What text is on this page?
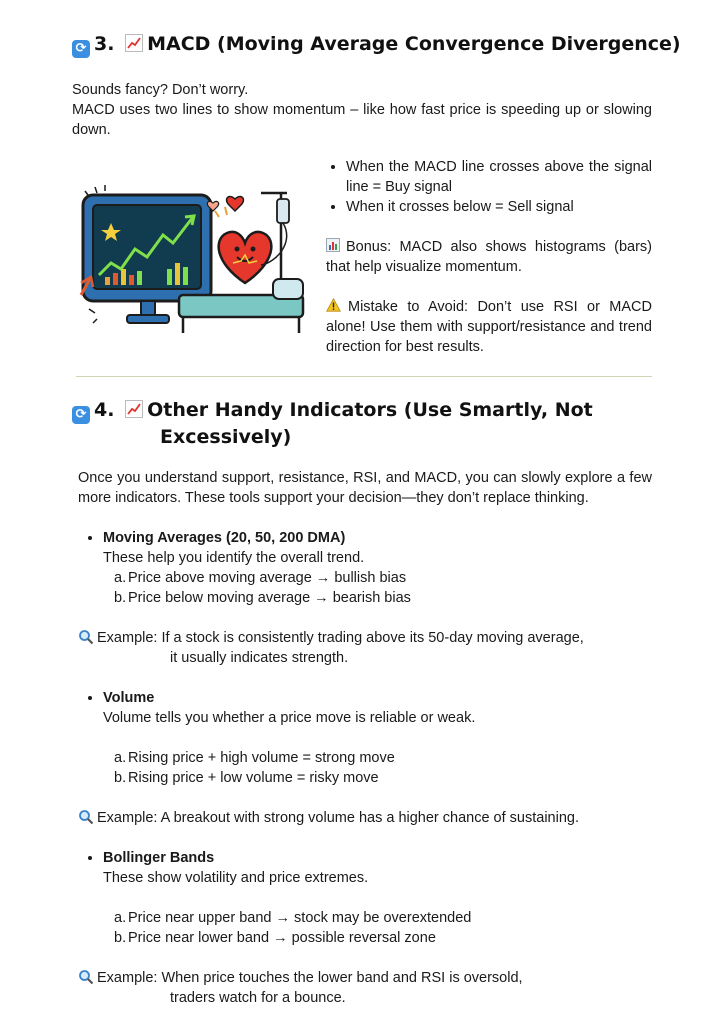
⟳ 3. MACD (Moving Average Convergence Divergence)
Sounds fancy? Don’t worry.
MACD uses two lines to show momentum – like how fast price is speeding up or slowing down.
• When the MACD line crosses above the signal line = Buy signal
• When it crosses below = Sell signal
Bonus: MACD also shows histograms (bars) that help visualize momentum.
Mistake to Avoid: Don’t use RSI or MACD alone! Use them with support/resistance and trend direction for best results.
⟳ 4. Other Handy Indicators (Use Smartly, Not
Excessively)
Once you understand support, resistance, RSI, and MACD, you can slowly explore a few more indicators. These tools support your decision—they don’t replace thinking.
• Moving Averages (20, 50, 200 DMA)
These help you identify the overall trend.
a. Price above moving average → bullish bias
b. Price below moving average → bearish bias
Example: If a stock is consistently trading above its 50-day moving average,
it usually indicates strength.
• Volume
Volume tells you whether a price move is reliable or weak.
a. Rising price + high volume = strong move
b. Rising price + low volume = risky move
Example: A breakout with strong volume has a higher chance of sustaining.
• Bollinger Bands
These show volatility and price extremes.
a. Price near upper band → stock may be overextended
b. Price near lower band → possible reversal zone
Example: When price touches the lower band and RSI is oversold,
traders watch for a bounce.
